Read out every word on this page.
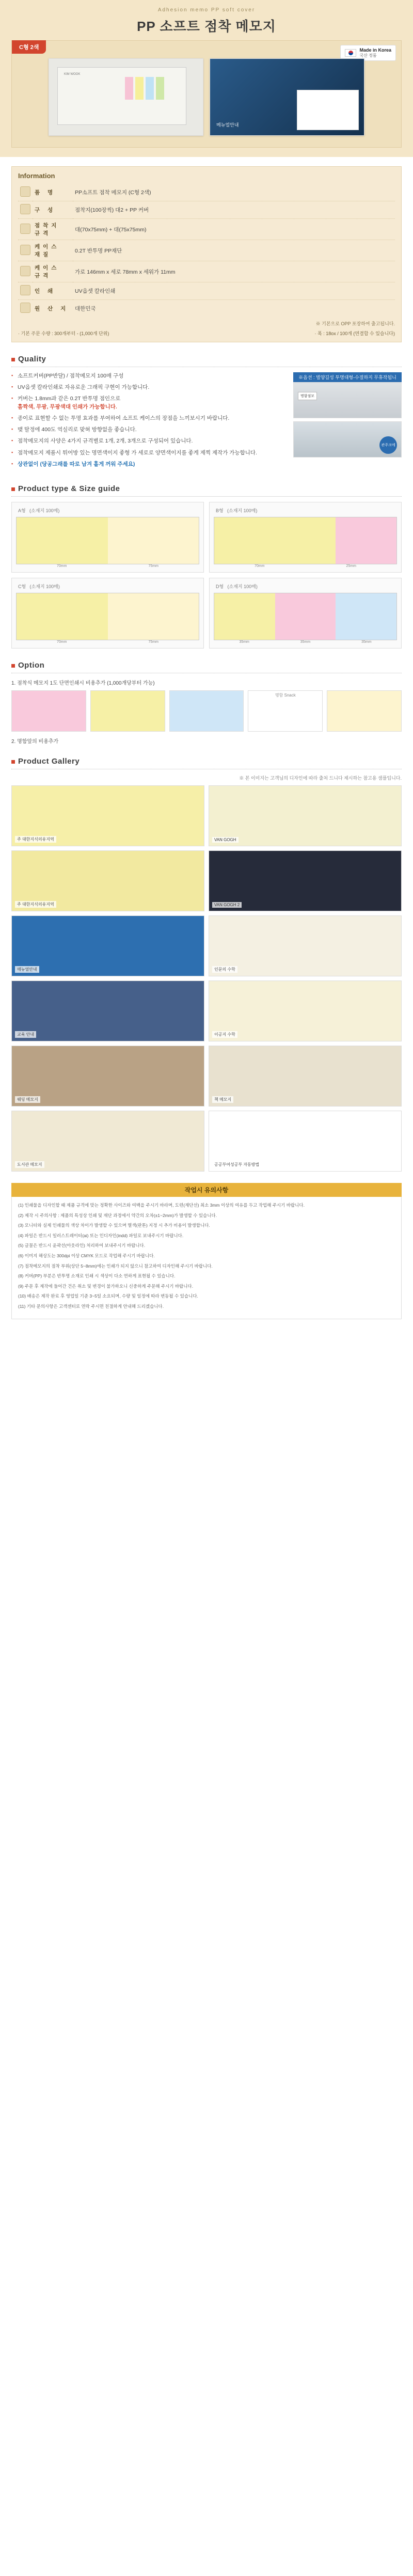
Adhesion memo PP soft cover
PP 소프트 점착 메모지
C형 2색	Made in Korea
국산 정품
KIM WOOK
메뉴얼안내
Information
	품 명	PP소프트 점착 메모지 (C형 2색)
	구 성	점착지(100장씩) 대2 + PP 커버
	점착지 규격	대(70x75mm) + 대(75x75mm)
	케이스 재질	0.2T 반투명 PP재단
	케이스 규격	가로 146mm x 세로 78mm x 세워가 11mm
	인 쇄	UV옵셋 칼라인쇄
	원 산 지	대한민국
※ 기본으로 OPP 포장하여 출고됩니다.
· 기본 주문 수량 : 300개부터 - (1,000개 단위)	· 폭 : 18ox / 100개 (면결합 수 있습니다)
Quality
▪ 소프트커버(PP반달) / 점착메모지 100매 구성
▪ UV옵셋 칼라인쇄로 자유로운 그래픽 구현이 가능합니다.
▪ 커버는 1.8mm과 같은 0.2T 반투명 점인으로
흠짝색, 무광, 무광색대 인쇄가 가능합니다.
▪ 종이로 표현할 수 없는 투명 효과를 부여하여 소프트 케이스의 장점을 느끼보시기 바랍니다.
▪ 맺 탈정에 400도 역실리로 맞혀 방향없을 좋습니다.
▪ 점착메모지의 사양은 4가지 규격별로 1개, 2개, 3개으로 구성되어 있습니다.
▪ 점착메모지 제품시 튀어방 있는 명면색이지 좋형 가 세로로 양면색이지를 좋게 제찍 제작가 가능합니다.
▪ 상관없이 (당공그래를 따로 남겨 흩게 꺼워 주세요)
※옵션 : 벌양길성 투명대형-수절하지 무휴작됩니
명함점모
관주크에
Product type & Size guide
A형 (소재지 100매)
70mm	75mm
B형 (소재지 100매)
70mm	25mm
C형 (소재지 100매)
70mm	75mm
D형 (소재지 100매)
35mm	35mm	35mm
Option
1. 점착식 메모지 1도 단면인쇄시 비용추가 (1,000개당부터 가능)
명함 Snack
2. 명함앞의 비용추가
Product Gallery
※ 본 이미지는 고객님의 디자인에 따라 출처 드니다 제시하는 참고용 샘플입니다.
주 대한지식의유지역	VAN GOGH
주 대한지식의유지역	VAN GOGH 2
매뉴얼안내	인문의 수학
교육 안내	이공지 수학
웨딩 메모지	책 메모지
도서관 메모지	공공부여성공부 자동방법
작업시 유의사항

(1) 인쇄물을 디자인할 때 제품 규격에 맞는 정확한 사이즈와 여백을 주시기 바라며, 도련(재단선) 최소 3mm 이상의 여유를 두고 작업해 주시기 바랍니다.

(2) 제작 시 주의사항 : 제품의 특성상 인쇄 및 재단 과정에서 약간의 오차(±1~2mm)가 발생할 수 있습니다.

(3) 모니터와 실제 인쇄물의 색상 차이가 발생할 수 있으며 별색(판톤) 지정 시 추가 비용이 발생합니다.

(4) 파일은 반드시 일러스트레이터(ai) 또는 인디자인(indd) 파일로 보내주시기 바랍니다.

(5) 글꼴은 반드시 윤곽선(아웃라인) 처리하여 보내주시기 바랍니다.

(6) 이미지 해상도는 300dpi 이상 CMYK 모드로 작업해 주시기 바랍니다.

(7) 점착메모지의 점착 부위(상단 5~8mm)에는 인쇄가 되지 않으니 참고하여 디자인해 주시기 바랍니다.

(8) 커버(PP) 부분은 반투명 소재로 인쇄 시 색상이 다소 연하게 표현될 수 있습니다.

(9) 주문 후 제작에 들어간 건은 취소 및 변경이 불가하오니 신중하게 주문해 주시기 바랍니다.

(10) 배송은 제작 완료 후 영업일 기준 3~5일 소요되며, 수량 및 일정에 따라 변동될 수 있습니다.

(11) 기타 문의사항은 고객센터로 연락 주시면 친절하게 안내해 드리겠습니다.
